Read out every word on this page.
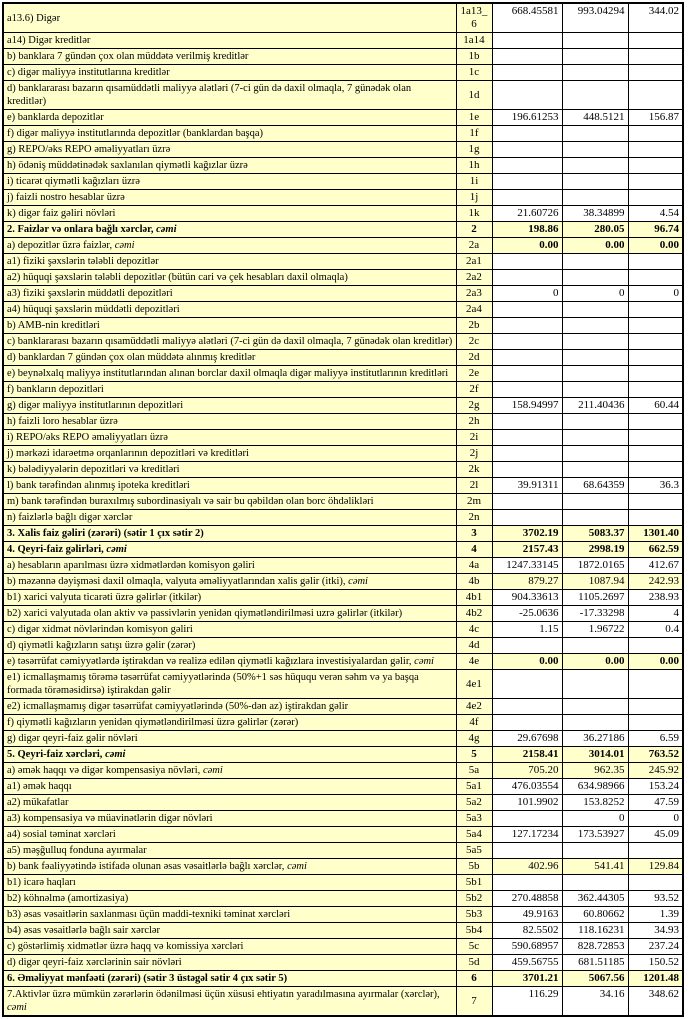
a13.6) Digər	1a13_6	668.45581	993.04294	344.02
a14) Digər kreditlər	1a14			
b) banklara 7 gündən çox olan müddətə verilmiş kreditlər	1b			
c) digər maliyyə institutlarına kreditlər	1c			
d) banklararası bazarın qısamüddətli maliyyə alətləri (7-ci gün də daxil olmaqla, 7 günədək olan kreditlər)	1d			
e) banklarda depozitlər	1e	196.61253	448.5121	156.87
f) digər maliyyə institutlarında depozitlər (banklardan başqa)	1f			
g) REPO/əks REPO əməliyyatları üzrə	1g			
h) ödəniş müddətinədək saxlanılan qiymətli kağızlar üzrə	1h			
i) ticarət qiymətli kağızları üzrə	1i			
j) faizli nostro hesablar üzrə	1j			
k) digər faiz gəliri növləri	1k	21.60726	38.34899	4.54
2. Faizlər və onlara bağlı xərclər, cəmi	2	198.86	280.05	96.74
a) depozitlər üzrə faizlər, cəmi	2a	0.00	0.00	0.00
a1) fiziki şəxslərin tələbli depozitlər	2a1			
a2) hüquqi şəxslərin tələbli depozitlər (bütün cari və çek hesabları daxil olmaqla)	2a2			
a3) fiziki şəxslərin müddətli depozitləri	2a3	0	0	0
a4) hüquqi şəxslərin müddətli depozitləri	2a4			
b) AMB-nin kreditləri	2b			
c) banklararası bazarın qısamüddətli maliyyə alətləri (7-ci gün də daxil olmaqla, 7 günədək olan kreditlər)	2c			
d) banklardan 7 gündən çox olan müddətə alınmış kreditlər	2d			
e) beynəlxalq maliyyə institutlarından alınan borclar daxil olmaqla digər maliyyə institutlarının kreditləri	2e			
f) bankların depozitləri	2f			
g) digər maliyyə institutlarının depozitləri	2g	158.94997	211.40436	60.44
h) faizli loro hesablar üzrə	2h			
i) REPO/əks REPO əməliyyatları üzrə	2i			
j) mərkəzi idarəetmə orqanlarının depozitləri və kreditləri	2j			
k) bələdiyyələrin depozitləri və kreditləri	2k			
l) bank tərəfindən alınmış ipoteka kreditləri	2l	39.91311	68.64359	36.3
m) bank tərəfindən buraxılmış subordinasiyalı və sair bu qəbildən olan borc öhdəlikləri	2m			
n) faizlərlə bağlı digər xərclər	2n			
3. Xalis faiz gəliri (zərəri) (sətir 1 çıx sətir 2)	3	3702.19	5083.37	1301.40
4. Qeyri-faiz gəlirləri, cəmi	4	2157.43	2998.19	662.59
a) hesabların aparılması üzrə xidmətlərdən komisyon gəliri	4a	1247.33145	1872.0165	412.67
b) məzənnə dəyişməsi daxil olmaqla, valyuta əməliyyatlarından xalis gəlir (itki), cəmi	4b	879.27	1087.94	242.93
b1) xarici valyuta ticarəti üzrə gəlirlər (itkilər)	4b1	904.33613	1105.2697	238.93
b2) xarici valyutada olan aktiv və passivlərin yenidən qiymətləndirilməsi uzrə gəlirlər (itkilər)	4b2	-25.0636	-17.33298	4
c) digər xidmət növlərindən komisyon gəliri	4c	1.15	1.96722	0.4
d) qiymətli kağızların satışı üzrə gəlir (zərər)	4d			
e) təsərrüfat cəmiyyətlərdə iştirakdan və realizə edilən qiymətli kağızlara investisiyalardan gəlir, cəmi	4e	0.00	0.00	0.00
e1) icmallaşmamış törəmə təsərrüfat cəmiyyətlərində (50%+1 səs hüququ verən səhm və ya başqa formada törəməsidirsə) iştirakdan gəlir	4e1			
e2) icmallaşmamış digər təsərrüfat cəmiyyətlərində (50%-dən az) iştirakdan gəlir	4e2			
f) qiymətli kağızların yenidən qiymətləndirilməsi üzrə gəlirlər (zərər)	4f			
g) digər qeyri-faiz gəlir növləri	4g	29.67698	36.27186	6.59
5. Qeyri-faiz xərcləri, cəmi	5	2158.41	3014.01	763.52
a) əmək haqqı və digər kompensasiya növləri, cəmi	5a	705.20	962.35	245.92
a1) əmək haqqı	5a1	476.03554	634.98966	153.24
a2) mükafatlar	5a2	101.9902	153.8252	47.59
a3) kompensasiya və müavinətlərin digər növləri	5a3		0	0
a4) sosial təminat xərcləri	5a4	127.17234	173.53927	45.09
a5) məşğulluq fonduna ayırmalar	5a5			
b) bank fəaliyyətində istifadə olunan əsas vəsaitlərlə bağlı xərclər, cəmi	5b	402.96	541.41	129.84
b1) icarə haqları	5b1			
b2) köhnəlmə (amortizasiya)	5b2	270.48858	362.44305	93.52
b3) əsas vəsaitlərin saxlanması üçün maddi-texniki təminat xərcləri	5b3	49.9163	60.80662	1.39
b4) əsas vəsaitlərlə bağlı sair xərclər	5b4	82.5502	118.16231	34.93
c) göstərlimiş xidmətlər üzrə haqq və komissiya xərcləri	5c	590.68957	828.72853	237.24
d) digər qeyri-faiz xərclərinin sair növləri	5d	459.56755	681.51185	150.52
6. Əməliyyat mənfəəti (zərəri) (sətir 3 üstəgəl sətir 4 çıx sətir 5)	6	3701.21	5067.56	1201.48
7.Aktivlər üzrə mümkün zərərlərin ödənilməsi üçün xüsusi ehtiyatın yaradılmasına ayırmalar (xərclər), cəmi	7	116.29	34.16	348.62
